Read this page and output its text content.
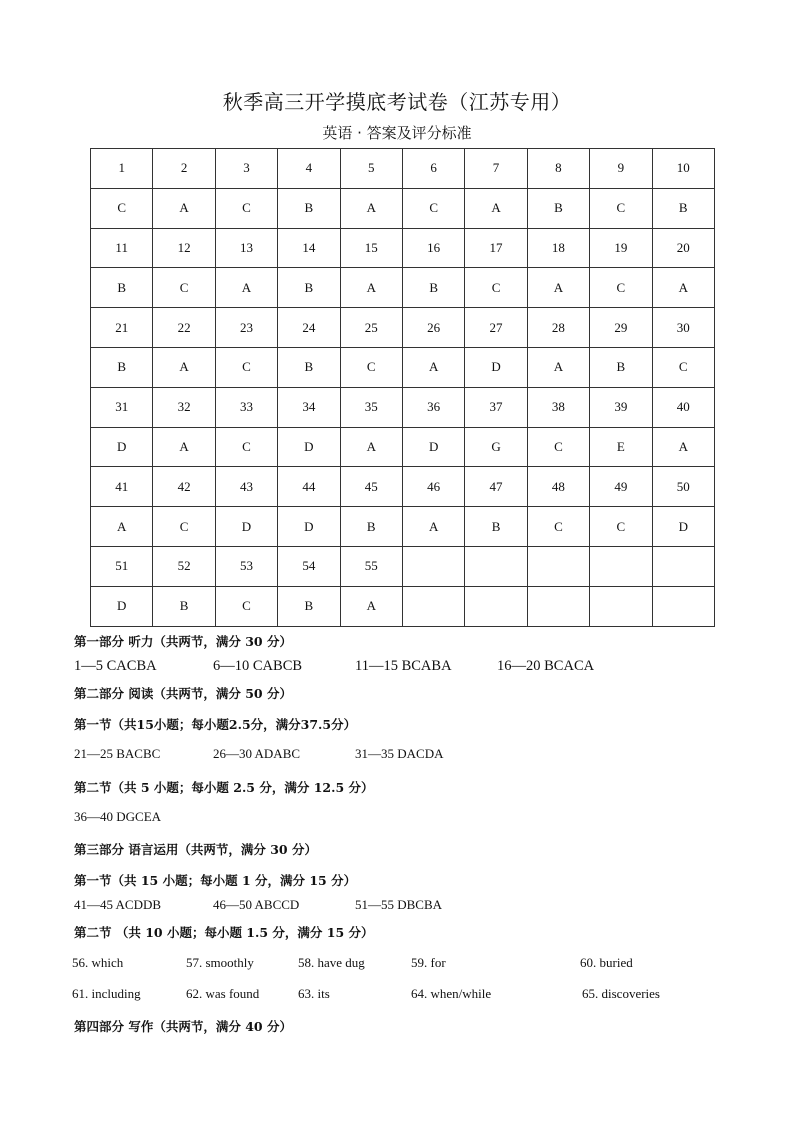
秋季高三开学摸底考试卷（江苏专用）
英语 · 答案及评分标准
1	2	3	4	5	6	7	8	9	10
C	A	C	B	A	C	A	B	C	B
11	12	13	14	15	16	17	18	19	20
B	C	A	B	A	B	C	A	C	A
21	22	23	24	25	26	27	28	29	30
B	A	C	B	C	A	D	A	B	C
31	32	33	34	35	36	37	38	39	40
D	A	C	D	A	D	G	C	E	A
41	42	43	44	45	46	47	48	49	50
A	C	D	D	B	A	B	C	C	D
51	52	53	54	55					
D	B	C	B	A					
第一部分 听力（共两节，满分 30 分）
1—5 CACBA	6—10 CABCB	11—15 BCABA	16—20 BCACA
第二部分 阅读（共两节，满分 50 分）
第一节（共15小题；每小题2.5分，满分37.5分）
21—25 BACBC	26—30 ADABC	31—35 DACDA
第二节（共 5 小题；每小题 2.5 分，满分 12.5 分）
36—40 DGCEA
第三部分 语言运用（共两节，满分 30 分）
第一节（共 15 小题；每小题 1 分，满分 15 分）
41—45 ACDDB	46—50 ABCCD	51—55 DBCBA
第二节 （共 10 小题；每小题 1.5 分，满分 15 分）
56. which	57. smoothly	58. have dug	59. for	60. buried
61. including	62. was found	63. its	64. when/while	65. discoveries
第四部分 写作（共两节，满分 40 分）
